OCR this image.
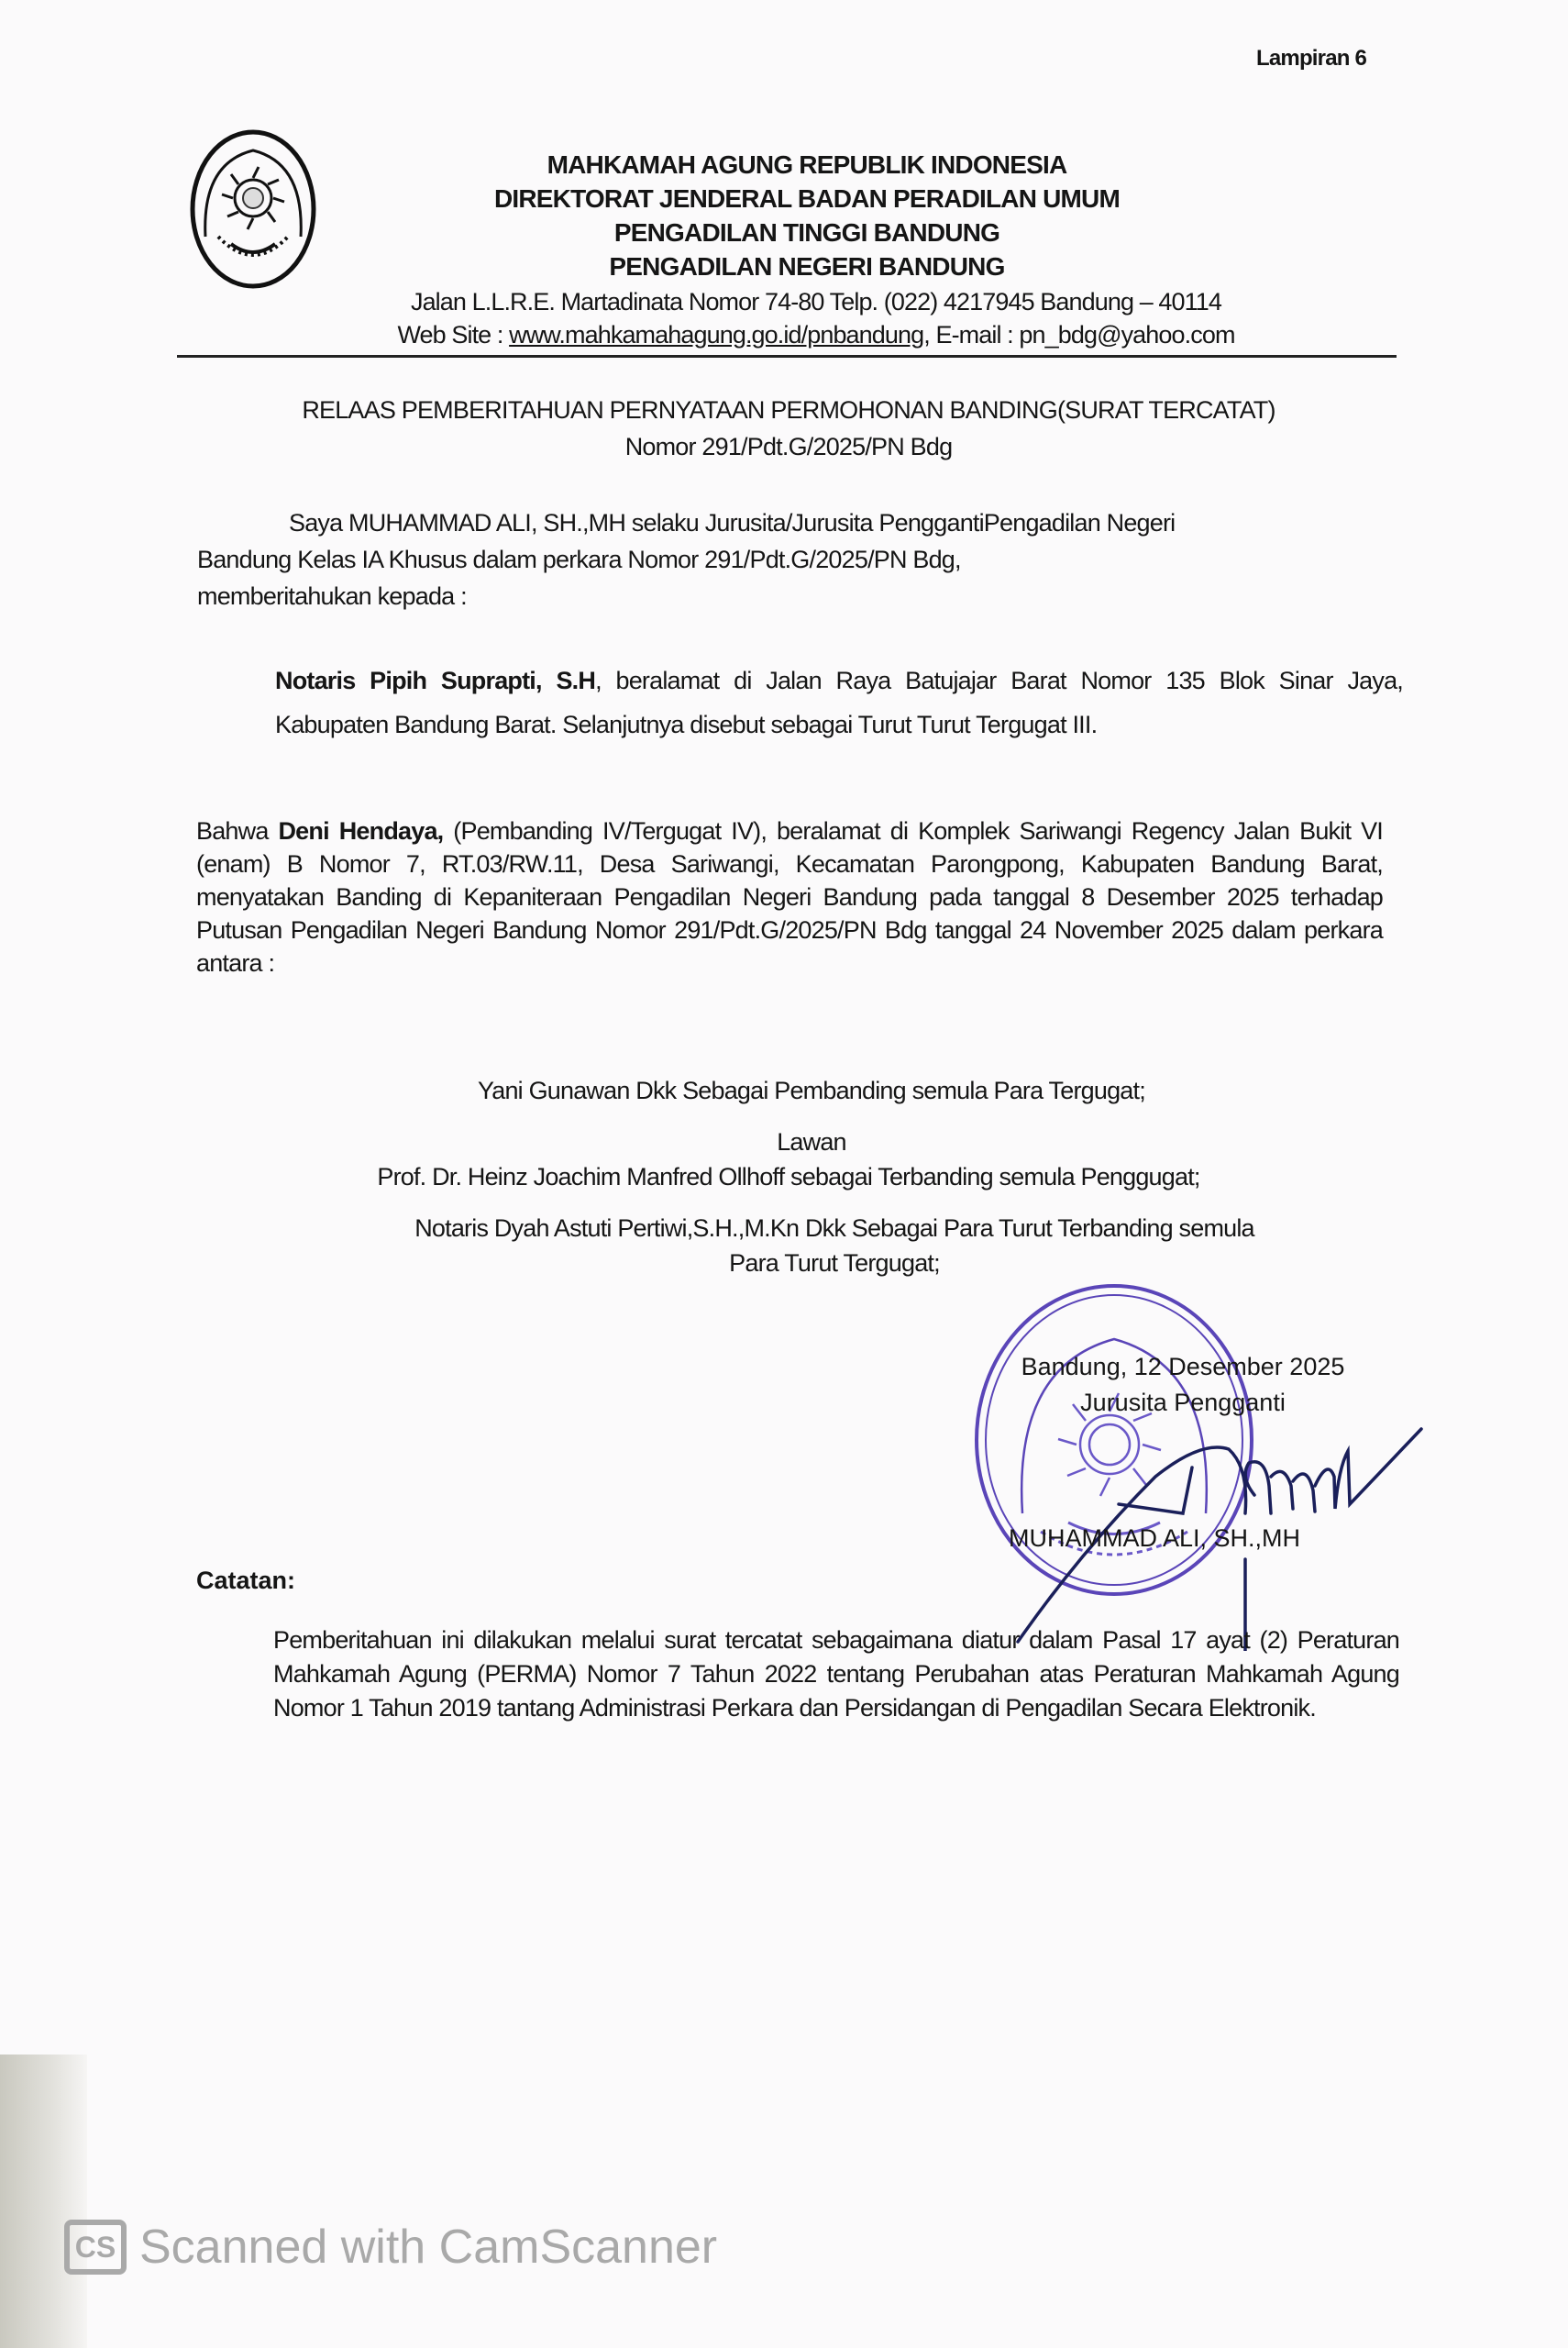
Lampiran 6
MAHKAMAH AGUNG REPUBLIK INDONESIA
DIREKTORAT JENDERAL BADAN PERADILAN UMUM
PENGADILAN TINGGI BANDUNG
PENGADILAN NEGERI BANDUNG
Jalan L.L.R.E. Martadinata Nomor 74-80 Telp. (022) 4217945 Bandung – 40114
Web Site : www.mahkamahagung.go.id/pnbandung, E-mail : pn_bdg@yahoo.com
RELAAS PEMBERITAHUAN PERNYATAAN PERMOHONAN BANDING(SURAT TERCATAT)
Nomor 291/Pdt.G/2025/PN Bdg
Saya MUHAMMAD ALI, SH.,MH selaku Jurusita/Jurusita PenggantiPengadilan Negeri
Bandung Kelas IA Khusus dalam perkara Nomor 291/Pdt.G/2025/PN Bdg,
memberitahukan kepada :
Notaris Pipih Suprapti, S.H, beralamat di Jalan Raya Batujajar Barat Nomor 135 Blok Sinar Jaya, Kabupaten Bandung Barat. Selanjutnya disebut sebagai Turut Turut Tergugat III.
Bahwa Deni Hendaya, (Pembanding IV/Tergugat IV), beralamat di Komplek Sariwangi Regency Jalan Bukit VI (enam) B Nomor 7, RT.03/RW.11, Desa Sariwangi, Kecamatan Parongpong, Kabupaten Bandung Barat, menyatakan Banding di Kepaniteraan Pengadilan Negeri Bandung pada tanggal 8 Desember 2025 terhadap Putusan Pengadilan Negeri Bandung Nomor 291/Pdt.G/2025/PN Bdg tanggal 24 November 2025 dalam perkara antara :
Yani Gunawan Dkk Sebagai Pembanding semula Para Tergugat;
Lawan
Prof. Dr. Heinz Joachim Manfred Ollhoff sebagai Terbanding semula Penggugat;
Notaris Dyah Astuti Pertiwi,S.H.,M.Kn Dkk Sebagai Para Turut Terbanding semula
Para Turut Tergugat;
Bandung, 12 Desember 2025
Jurusita Pengganti
MUHAMMAD ALI, SH.,MH
Catatan:
Pemberitahuan ini dilakukan melalui surat tercatat sebagaimana diatur dalam Pasal 17 ayat (2) Peraturan Mahkamah Agung (PERMA) Nomor 7 Tahun 2022 tentang Perubahan atas Peraturan Mahkamah Agung Nomor 1 Tahun 2019 tantang Administrasi Perkara dan Persidangan di Pengadilan Secara Elektronik.
CS Scanned with CamScanner
